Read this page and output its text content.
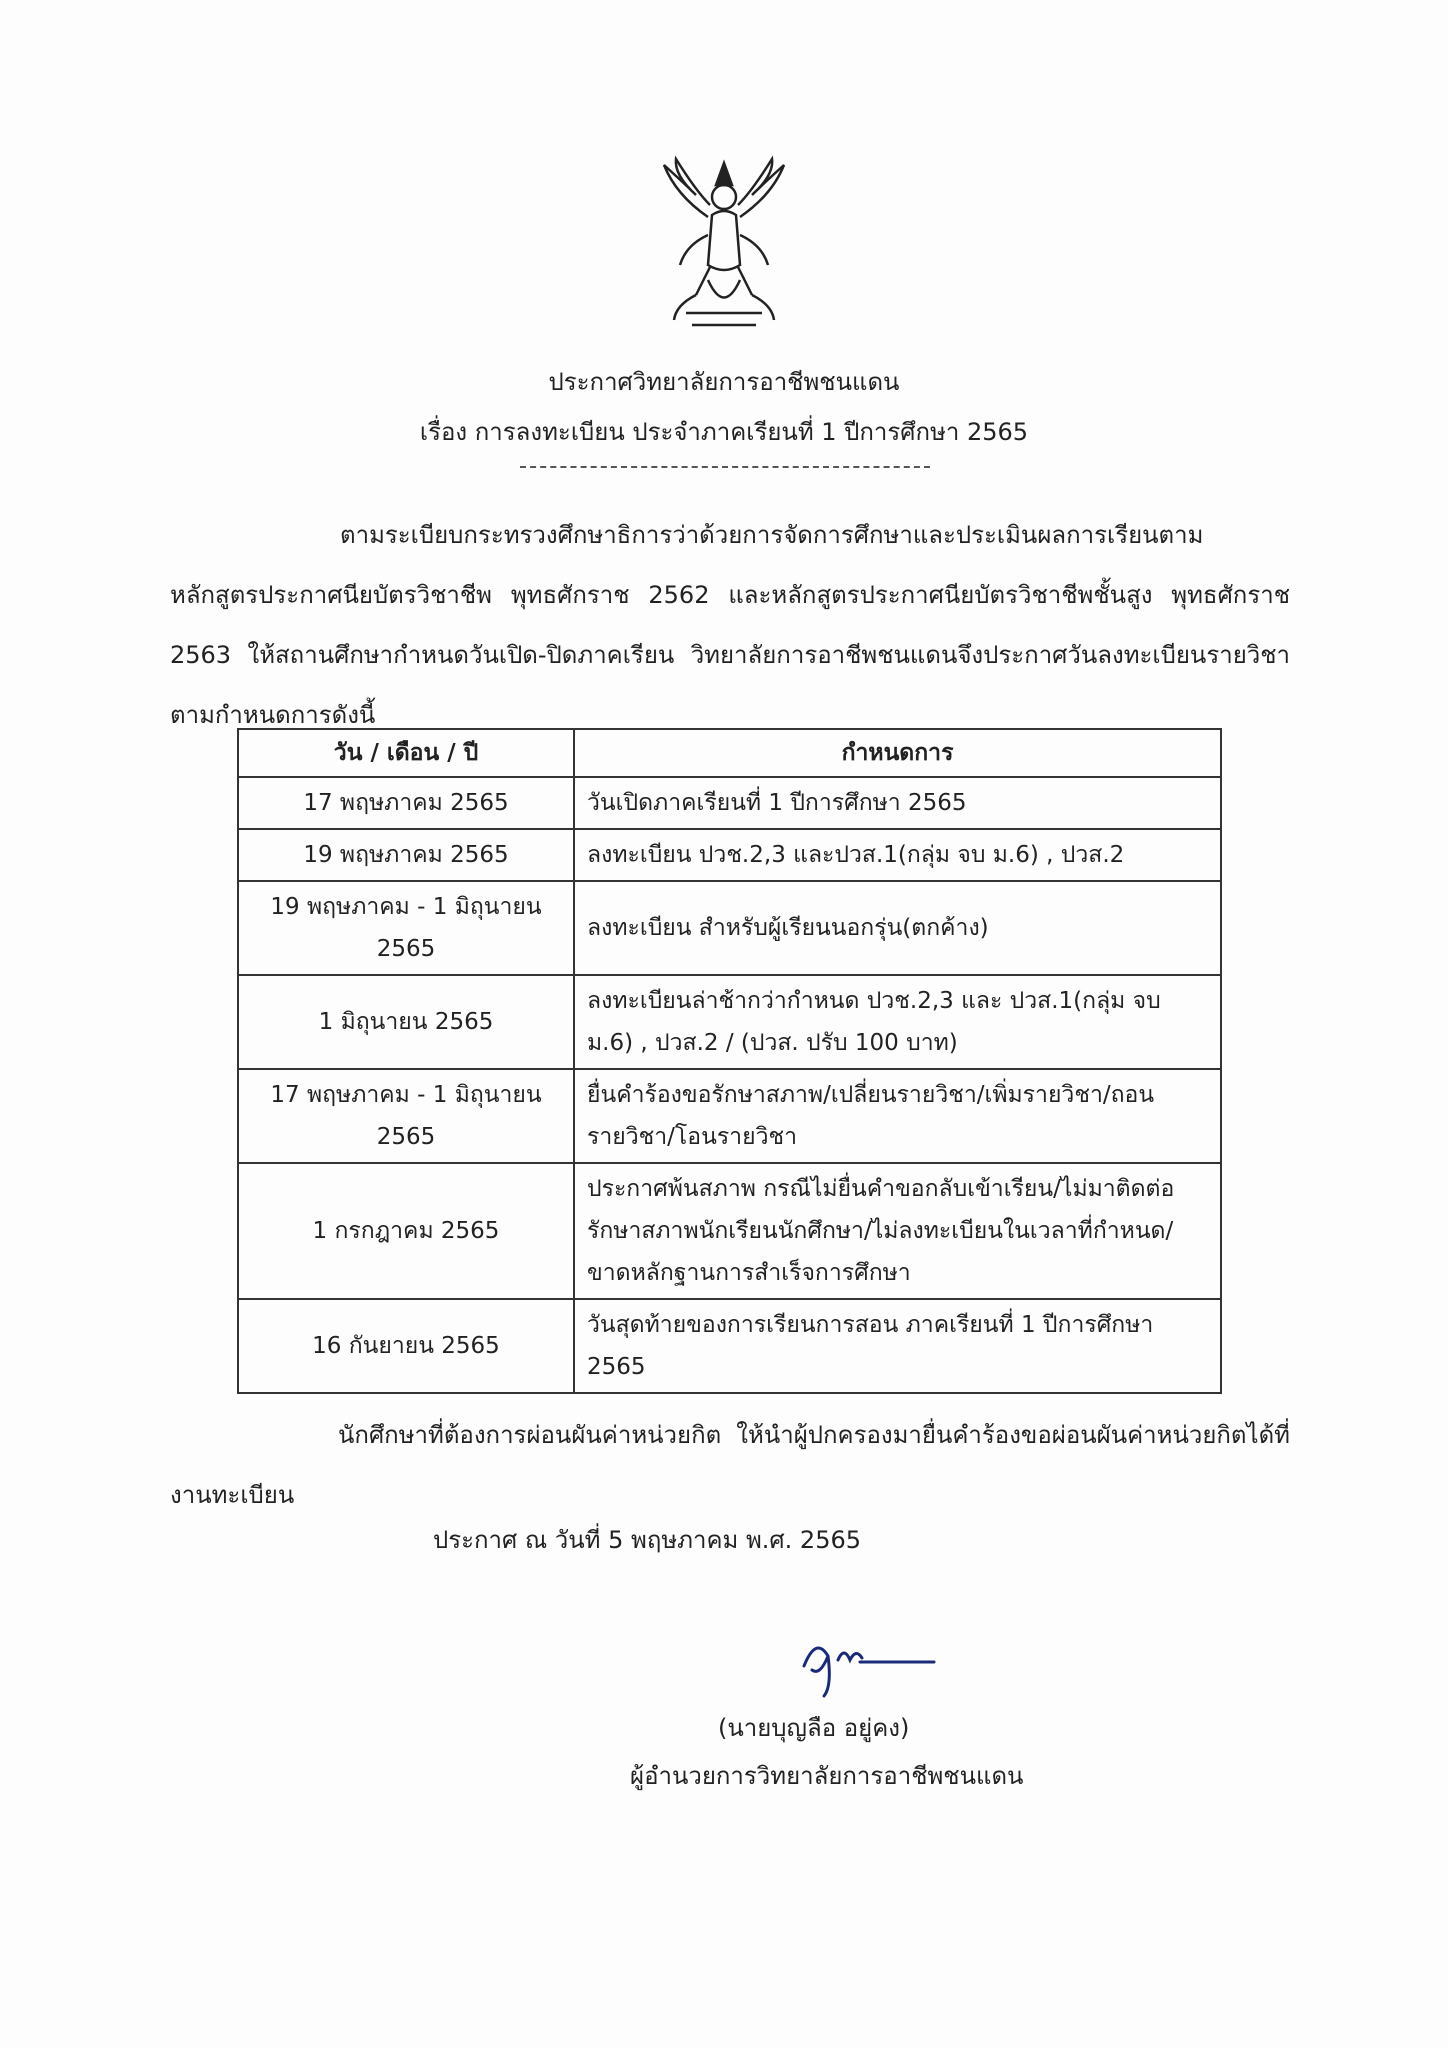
ประกาศวิทยาลัยการอาชีพชนแดน
เรื่อง การลงทะเบียน ประจำภาคเรียนที่ 1 ปีการศึกษา 2565
ตามระเบียบกระทรวงศึกษาธิการว่าด้วยการจัดการศึกษาและประเมินผลการเรียนตามหลักสูตรประกาศนียบัตรวิชาชีพ พุทธศักราช 2562 และหลักสูตรประกาศนียบัตรวิชาชีพชั้นสูง พุทธศักราช 2563 ให้สถานศึกษากำหนดวันเปิด-ปิดภาคเรียน วิทยาลัยการอาชีพชนแดนจึงประกาศวันลงทะเบียนรายวิชา ตามกำหนดการดังนี้
วัน / เดือน / ปี	กำหนดการ
17 พฤษภาคม 2565	วันเปิดภาคเรียนที่ 1 ปีการศึกษา 2565
19 พฤษภาคม 2565	ลงทะเบียน ปวช.2,3 และปวส.1(กลุ่ม จบ ม.6) , ปวส.2
19 พฤษภาคม - 1 มิถุนายน 2565	ลงทะเบียน สำหรับผู้เรียนนอกรุ่น(ตกค้าง)
1 มิถุนายน 2565	ลงทะเบียนล่าช้ากว่ากำหนด ปวช.2,3 และ ปวส.1(กลุ่ม จบ ม.6) , ปวส.2 / (ปวส. ปรับ 100 บาท)
17 พฤษภาคม - 1 มิถุนายน 2565	ยื่นคำร้องขอรักษาสภาพ/เปลี่ยนรายวิชา/เพิ่มรายวิชา/ถอนรายวิชา/โอนรายวิชา
1 กรกฎาคม 2565	ประกาศพ้นสภาพ กรณีไม่ยื่นคำขอกลับเข้าเรียน/ไม่มาติดต่อรักษาสภาพนักเรียนนักศึกษา/ไม่ลงทะเบียนในเวลาที่กำหนด/ขาดหลักฐานการสำเร็จการศึกษา
16 กันยายน 2565	วันสุดท้ายของการเรียนการสอน ภาคเรียนที่ 1 ปีการศึกษา 2565
นักศึกษาที่ต้องการผ่อนผันค่าหน่วยกิต ให้นำผู้ปกครองมายื่นคำร้องขอผ่อนผันค่าหน่วยกิตได้ที่งานทะเบียน
ประกาศ ณ วันที่ 5 พฤษภาคม พ.ศ. 2565
(นายบุญลือ อยู่คง)
ผู้อำนวยการวิทยาลัยการอาชีพชนแดน
